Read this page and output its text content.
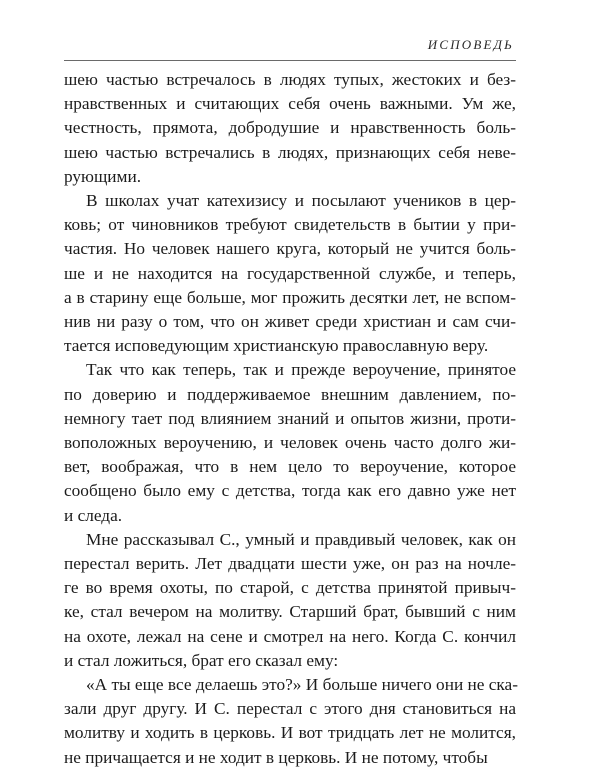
ИСПОВЕДЬ
шею частью встречалось в людях тупых, жестоких и без-
нравственных и считающих себя очень важными. Ум же,
честность, прямота, добродушие и нравственность боль-
шею частью встречались в людях, признающих себя неве-
рующими.
В школах учат катехизису и посылают учеников в цер-
ковь; от чиновников требуют свидетельств в бытии у при-
частия. Но человек нашего круга, который не учится боль-
ше и не находится на государственной службе, и теперь,
а в старину еще больше, мог прожить десятки лет, не вспом-
нив ни разу о том, что он живет среди христиан и сам счи-
тается исповедующим христианскую православную веру.
Так что как теперь, так и прежде вероучение, принятое
по доверию и поддерживаемое внешним давлением, по-
немногу тает под влиянием знаний и опытов жизни, проти-
воположных вероучению, и человек очень часто долго жи-
вет, воображая, что в нем цело то вероучение, которое
сообщено было ему с детства, тогда как его давно уже нет
и следа.
Мне рассказывал С., умный и правдивый человек, как он
перестал верить. Лет двадцати шести уже, он раз на ночле-
ге во время охоты, по старой, с детства принятой привыч-
ке, стал вечером на молитву. Старший брат, бывший с ним
на охоте, лежал на сене и смотрел на него. Когда С. кончил
и стал ложиться, брат его сказал ему:
«А ты еще все делаешь это?» И больше ничего они не ска-
зали друг другу. И С. перестал с этого дня становиться на
молитву и ходить в церковь. И вот тридцать лет не молится,
не причащается и не ходит в церковь. И не потому, чтобы
